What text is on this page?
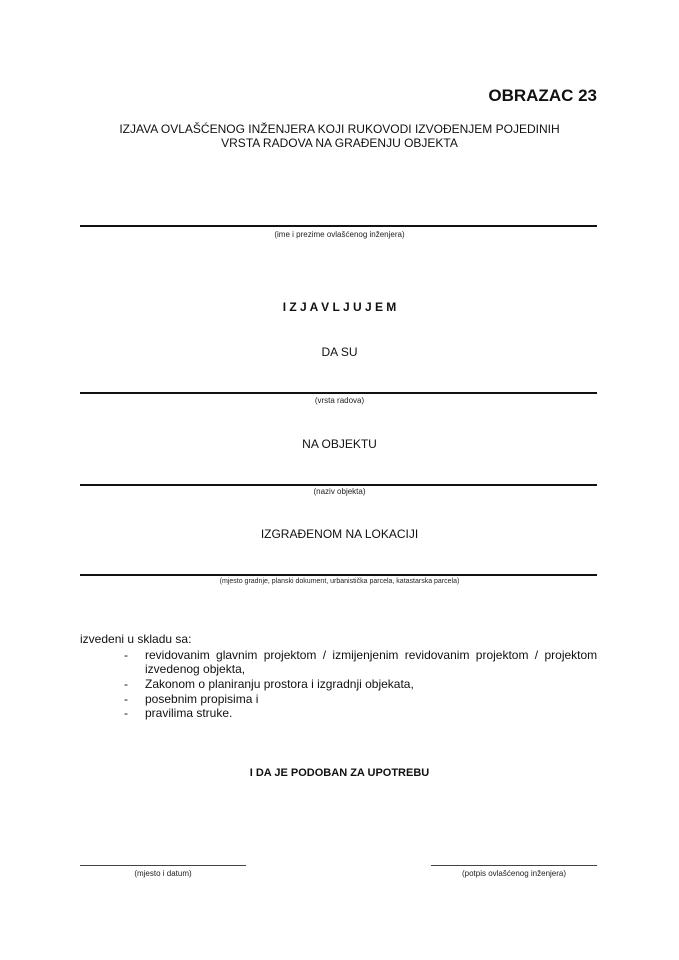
OBRAZAC 23
IZJAVA OVLAŠĆENOG INŽENJERA KOJI RUKOVODI IZVOĐENJEM POJEDINIH
VRSTA RADOVA NA GRAĐENJU OBJEKTA
(ime i prezime ovlašćenog inženjera)
I Z J A V L J U J E M
DA SU
(vrsta radova)
NA OBJEKTU
(naziv objekta)
IZGRAĐENOM NA LOKACIJI
(mjesto gradnje, planski dokument, urbanistička parcela, katastarska parcela)
izvedeni u skladu sa:
- revidovanim glavnim projektom / izmijenjenim revidovanim projektom / projektom
izvedenog objekta,
- Zakonom o planiranju prostora i izgradnji objekata,
- posebnim propisima i
- pravilima struke.
I DA JE PODOBAN ZA UPOTREBU
(mjesto i datum)	(potpis ovlašćenog inženjera)
